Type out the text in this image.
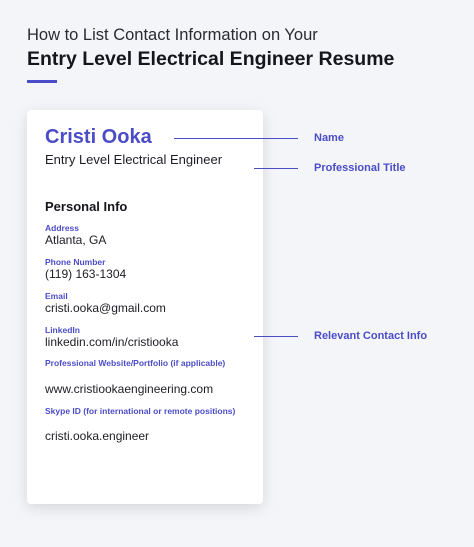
How to List Contact Information on Your
Entry Level Electrical Engineer Resume
Cristi Ooka
Entry Level Electrical Engineer
Personal Info
Address
Atlanta, GA
Phone Number
(119) 163-1304
Email
cristi.ooka@gmail.com
LinkedIn
linkedin.com/in/cristiooka
Professional Website/Portfolio (if applicable)
www.cristiookaengineering.com
Skype ID (for international or remote positions)
cristi.ooka.engineer
Name
Professional Title
Relevant Contact Info
